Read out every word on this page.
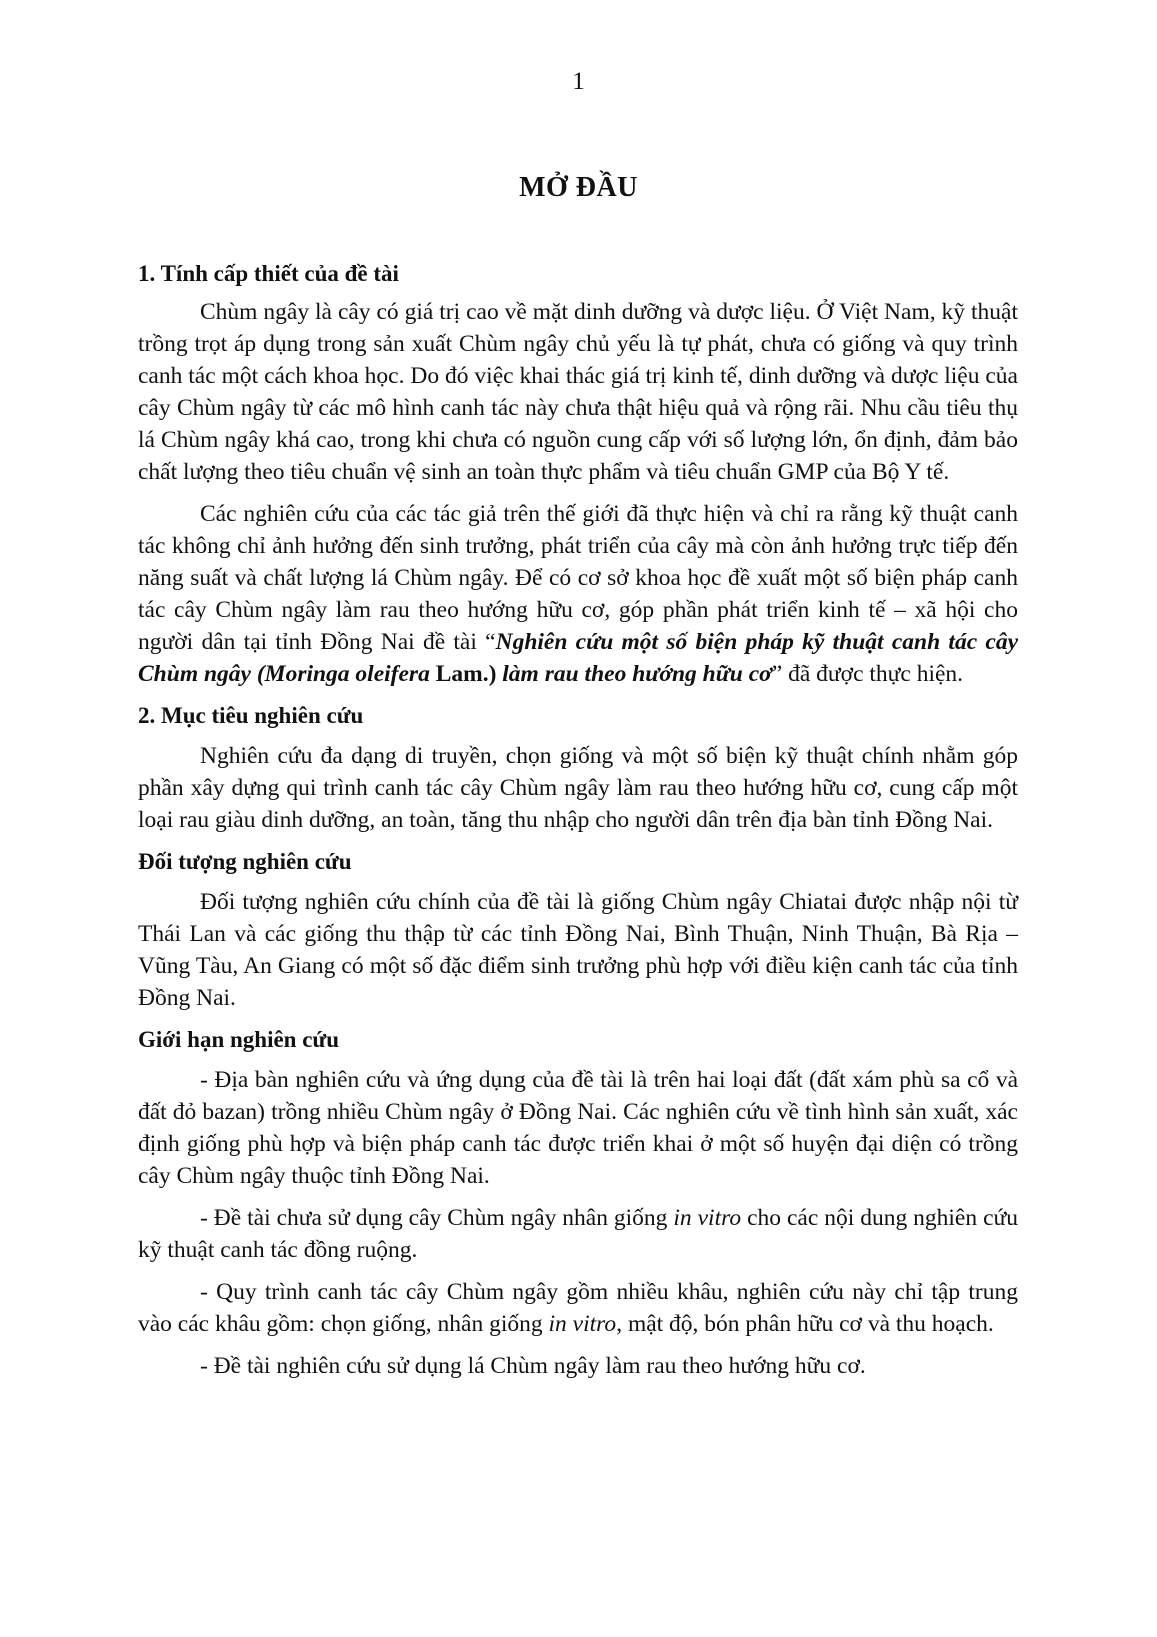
1
MỞ ĐẦU

1. Tính cấp thiết của đề tài

Chùm ngây là cây có giá trị cao về mặt dinh dưỡng và dược liệu. Ở Việt Nam, kỹ thuật trồng trọt áp dụng trong sản xuất Chùm ngây chủ yếu là tự phát, chưa có giống và quy trình canh tác một cách khoa học. Do đó việc khai thác giá trị kinh tế, dinh dưỡng và dược liệu của cây Chùm ngây từ các mô hình canh tác này chưa thật hiệu quả và rộng rãi. Nhu cầu tiêu thụ lá Chùm ngây khá cao, trong khi chưa có nguồn cung cấp với số lượng lớn, ổn định, đảm bảo chất lượng theo tiêu chuẩn vệ sinh an toàn thực phẩm và tiêu chuẩn GMP của Bộ Y tế.

Các nghiên cứu của các tác giả trên thế giới đã thực hiện và chỉ ra rằng kỹ thuật canh tác không chỉ ảnh hưởng đến sinh trưởng, phát triển của cây mà còn ảnh hưởng trực tiếp đến năng suất và chất lượng lá Chùm ngây. Để có cơ sở khoa học đề xuất một số biện pháp canh tác cây Chùm ngây làm rau theo hướng hữu cơ, góp phần phát triển kinh tế – xã hội cho người dân tại tỉnh Đồng Nai đề tài “Nghiên cứu một số biện pháp kỹ thuật canh tác cây Chùm ngây (Moringa oleifera Lam.) làm rau theo hướng hữu cơ” đã được thực hiện.

2. Mục tiêu nghiên cứu

Nghiên cứu đa dạng di truyền, chọn giống và một số biện kỹ thuật chính nhằm góp phần xây dựng qui trình canh tác cây Chùm ngây làm rau theo hướng hữu cơ, cung cấp một loại rau giàu dinh dưỡng, an toàn, tăng thu nhập cho người dân trên địa bàn tỉnh Đồng Nai.

Đối tượng nghiên cứu

Đối tượng nghiên cứu chính của đề tài là giống Chùm ngây Chiatai được nhập nội từ Thái Lan và các giống thu thập từ các tỉnh Đồng Nai, Bình Thuận, Ninh Thuận, Bà Rịa – Vũng Tàu, An Giang có một số đặc điểm sinh trưởng phù hợp với điều kiện canh tác của tỉnh Đồng Nai.

Giới hạn nghiên cứu

- Địa bàn nghiên cứu và ứng dụng của đề tài là trên hai loại đất (đất xám phù sa cổ và đất đỏ bazan) trồng nhiều Chùm ngây ở Đồng Nai. Các nghiên cứu về tình hình sản xuất, xác định giống phù hợp và biện pháp canh tác được triển khai ở một số huyện đại diện có trồng cây Chùm ngây thuộc tỉnh Đồng Nai.

- Đề tài chưa sử dụng cây Chùm ngây nhân giống in vitro cho các nội dung nghiên cứu kỹ thuật canh tác đồng ruộng.

- Quy trình canh tác cây Chùm ngây gồm nhiều khâu, nghiên cứu này chỉ tập trung vào các khâu gồm: chọn giống, nhân giống in vitro, mật độ, bón phân hữu cơ và thu hoạch.

- Đề tài nghiên cứu sử dụng lá Chùm ngây làm rau theo hướng hữu cơ.
